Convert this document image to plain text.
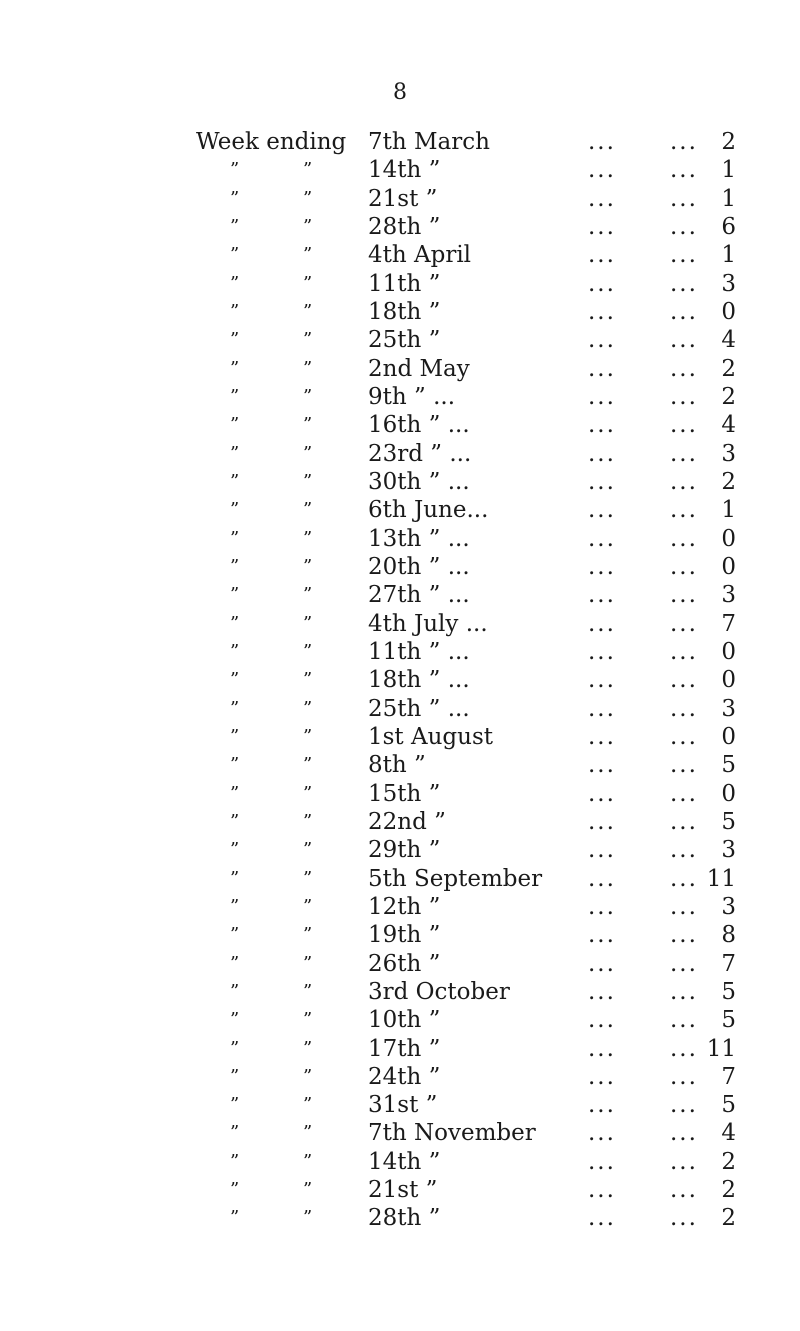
8
Week ending 7th March	... ... 2
”	” 14th ”	... ... 1
”	” 21st ”	... ... 1
”	” 28th ”	... ... 6
”	” 4th April	... ... 1
”	” 11th ”	... ... 3
”	” 18th ”	... ... 0
”	” 25th ”	... ... 4
”	” 2nd May	... ... 2
”	” 9th ” ...	... ... 2
”	” 16th ” ...	... ... 4
”	” 23rd ” ...	... ... 3
”	” 30th ” ...	... ... 2
”	” 6th June...	... ... 1
”	” 13th ” ...	... ... 0
”	” 20th ” ...	... ... 0
”	” 27th ” ...	... ... 3
”	” 4th July ...	... ... 7
”	” 11th ” ...	... ... 0
”	” 18th ” ...	... ... 0
”	” 25th ” ...	... ... 3
”	” 1st August	... ... 0
”	” 8th ”	... ... 5
”	” 15th ”	... ... 0
”	” 22nd ”	... ... 5
”	” 29th ”	... ... 3
”	” 5th September ... ... 11
”	” 12th ”	... ... 3
”	” 19th ”	... ... 8
”	” 26th ”	... ... 7
”	” 3rd October	... ... 5
”	” 10th ”	... ... 5
”	” 17th ”	... ... 11
”	” 24th ”	... ... 7
”	” 31st ”	... ... 5
”	” 7th November ... ... 4
”	” 14th ”	... ... 2
”	” 21st ”	... ... 2
”	” 28th ”	... ... 2
